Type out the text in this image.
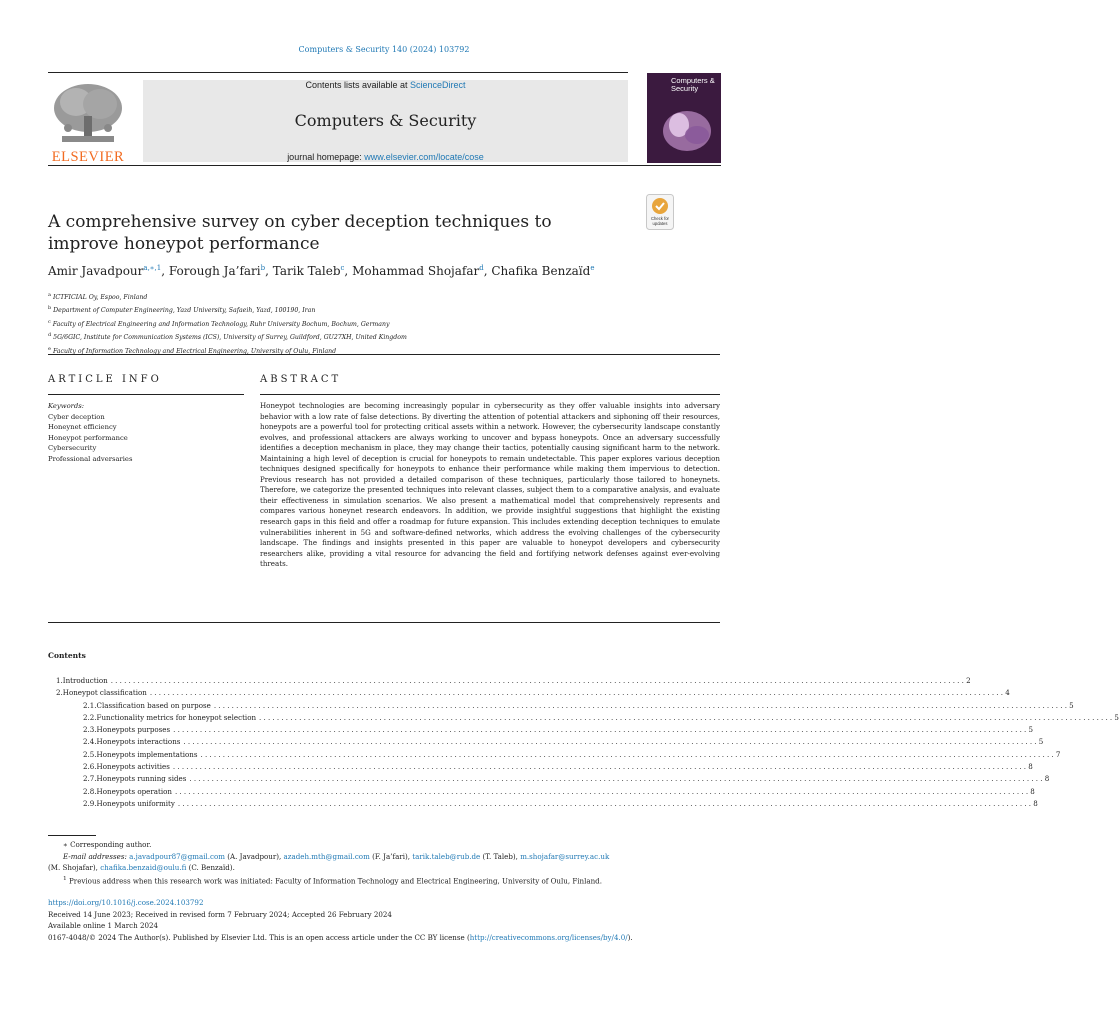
Computers & Security 140 (2024) 103792
ELSEVIER
Contents lists available at ScienceDirect
Computers & Security
journal homepage: www.elsevier.com/locate/cose
Computers & Security
A comprehensive survey on cyber deception techniques to improve honeypot performance
Check for
updates
Amir Javadpour$^{a,∗,1}$, Forough Ja’fari$^b$, Tarik Taleb$^c$, Mohammad Shojafar$^d$, Chafika Benzaïd$^e$
$^a$ ICTFICIAL Oy, Espoo, Finland
$^b$ Department of Computer Engineering, Yazd University, Safaeih, Yazd, 100190, Iran
$^c$ Faculty of Electrical Engineering and Information Technology, Ruhr University Bochum, Bochum, Germany
$^d$ 5G/6GIC, Institute for Communication Systems (ICS), University of Surrey, Guildford, GU27XH, United Kingdom
$^e$ Faculty of Information Technology and Electrical Engineering, University of Oulu, Finland
ARTICLE INFO	ABSTRACT
Keywords:
Cyber deception
Honeynet efficiency
Honeypot performance
Cybersecurity
Professional adversaries
Honeypot technologies are becoming increasingly popular in cybersecurity as they offer valuable insights into adversary behavior with a low rate of false detections. By diverting the attention of potential attackers and siphoning off their resources, honeypots are a powerful tool for protecting critical assets within a network. However, the cybersecurity landscape constantly evolves, and professional attackers are always working to uncover and bypass honeypots. Once an adversary successfully identifies a deception mechanism in place, they may change their tactics, potentially causing significant harm to the network. Maintaining a high level of deception is crucial for honeypots to remain undetectable. This paper explores various deception techniques designed specifically for honeypots to enhance their performance while making them impervious to detection. Previous research has not provided a detailed comparison of these techniques, particularly those tailored to honeynets. Therefore, we categorize the presented techniques into relevant classes, subject them to a comparative analysis, and evaluate their effectiveness in simulation scenarios. We also present a mathematical model that comprehensively represents and compares various honeynet research endeavors. In addition, we provide insightful suggestions that highlight the existing research gaps in this field and offer a roadmap for future expansion. This includes extending deception techniques to emulate vulnerabilities inherent in 5G and software-defined networks, which address the evolving challenges of the cybersecurity landscape. The findings and insights presented in this paper are valuable to honeypot developers and cybersecurity researchers alike, providing a vital resource for advancing the field and fortifying network defenses against ever-evolving threats.
Contents
1. Introduction ................................................................................................................................................................................................ 2
2. Honeypot classification ................................................................................................................................................................................................ 4
2.1. Classification based on purpose ................................................................................................................................................................................................ 5
2.2. Functionality metrics for honeypot selection ................................................................................................................................................................................................ 5
2.3. Honeypots purposes ................................................................................................................................................................................................ 5
2.4. Honeypots interactions ................................................................................................................................................................................................ 5
2.5. Honeypots implementations ................................................................................................................................................................................................ 7
2.6. Honeypots activities ................................................................................................................................................................................................ 8
2.7. Honeypots running sides ................................................................................................................................................................................................ 8
2.8. Honeypots operation ................................................................................................................................................................................................ 8
2.9. Honeypots uniformity ................................................................................................................................................................................................ 8
∗ Corresponding author.
E-mail addresses: a.javadpour87@gmail.com (A. Javadpour), azadeh.mth@gmail.com (F. Ja’fari), tarik.taleb@rub.de (T. Taleb), m.shojafar@surrey.ac.uk
(M. Shojafar), chafika.benzaid@oulu.fi (C. Benzaïd).
$^1$ Previous address when this research work was initiated: Faculty of Information Technology and Electrical Engineering, University of Oulu, Finland.
https://doi.org/10.1016/j.cose.2024.103792
Received 14 June 2023; Received in revised form 7 February 2024; Accepted 26 February 2024
Available online 1 March 2024
0167-4048/© 2024 The Author(s). Published by Elsevier Ltd. This is an open access article under the CC BY license (http://creativecommons.org/licenses/by/4.0/).
